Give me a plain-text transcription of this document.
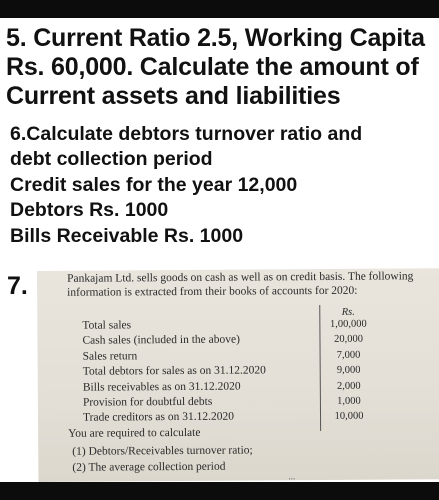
5. Current Ratio 2.5, Working Capita
Rs. 60,000. Calculate the amount of
Current assets and liabilities
6.Calculate debtors turnover ratio and
debt collection period
Credit sales for the year 12,000
Debtors Rs. 1000
Bills Receivable Rs. 1000
7.	Pankajam Ltd. sells goods on cash as well as on credit basis. The following
information is extracted from their books of accounts for 2020:
Rs.
Total sales	1,00,000
Cash sales (included in the above)	20,000
Sales return	7,000
Total debtors for sales as on 31.12.2020	9,000
Bills receivables as on 31.12.2020	2,000
Provision for doubtful debts	1,000
Trade creditors as on 31.12.2020	10,000
You are required to calculate
(1) Debtors/Receivables turnover ratio;
(2) The average collection period
...
